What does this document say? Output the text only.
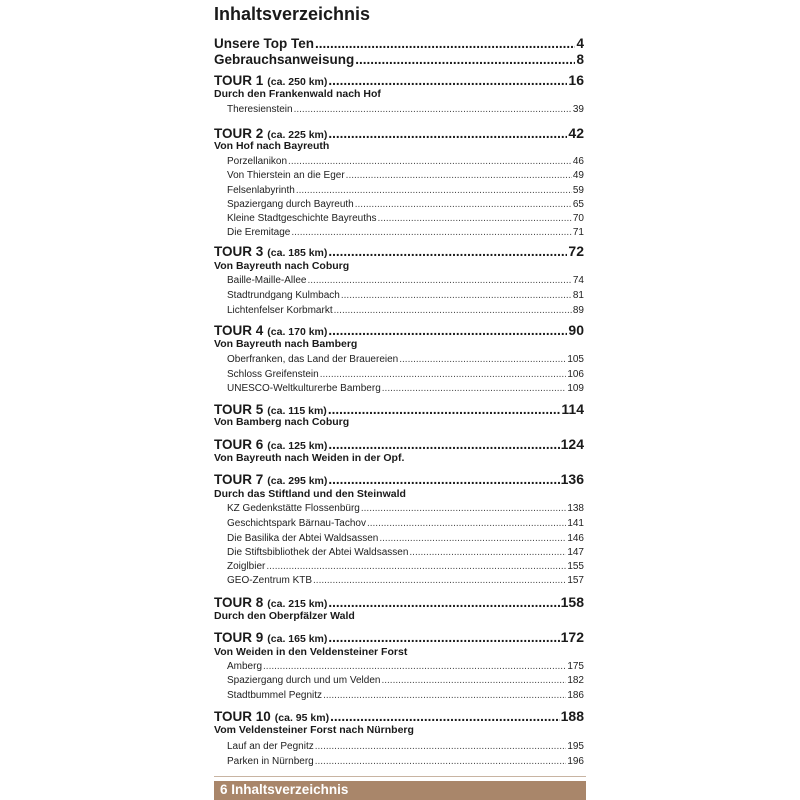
Inhaltsverzeichnis
Unsere Top Ten .....	4
Gebrauchsanweisung .....	8
TOUR 1 (ca. 250 km) .....	16
Durch den Frankenwald nach Hof
Theresienstein .....	39
TOUR 2 (ca. 225 km) .....	42
Von Hof nach Bayreuth
Porzellanikon .....	46
Von Thierstein an die Eger .....	49
Felsenlabyrinth .....	59
Spaziergang durch Bayreuth .....	65
Kleine Stadtgeschichte Bayreuths .....	70
Die Eremitage .....	71
TOUR 3 (ca. 185 km) .....	72
Von Bayreuth nach Coburg
Baille-Maille-Allee .....	74
Stadtrundgang Kulmbach .....	81
Lichtenfelser Korbmarkt .....	89
TOUR 4 (ca. 170 km) .....	90
Von Bayreuth nach Bamberg
Oberfranken, das Land der Brauereien .....	105
Schloss Greifenstein .....	106
UNESCO-Weltkulturerbe Bamberg .....	109
TOUR 5 (ca. 115 km) .....	114
Von Bamberg nach Coburg
TOUR 6 (ca. 125 km) .....	124
Von Bayreuth nach Weiden in der Opf.
TOUR 7 (ca. 295 km) .....	136
Durch das Stiftland und den Steinwald
KZ Gedenkstätte Flossenbürg .....	138
Geschichtspark Bärnau-Tachov .....	141
Die Basilika der Abtei Waldsassen .....	146
Die Stiftsbibliothek der Abtei Waldsassen .....	147
Zoiglbier .....	155
GEO-Zentrum KTB .....	157
TOUR 8 (ca. 215 km) .....	158
Durch den Oberpfälzer Wald
TOUR 9 (ca. 165 km) .....	172
Von Weiden in den Veldensteiner Forst
Amberg .....	175
Spaziergang durch und um Velden .....	182
Stadtbummel Pegnitz .....	186
TOUR 10 (ca. 95 km) .....	188
Vom Veldensteiner Forst nach Nürnberg
Lauf an der Pegnitz .....	195
Parken in Nürnberg .....	196
6 Inhaltsverzeichnis
